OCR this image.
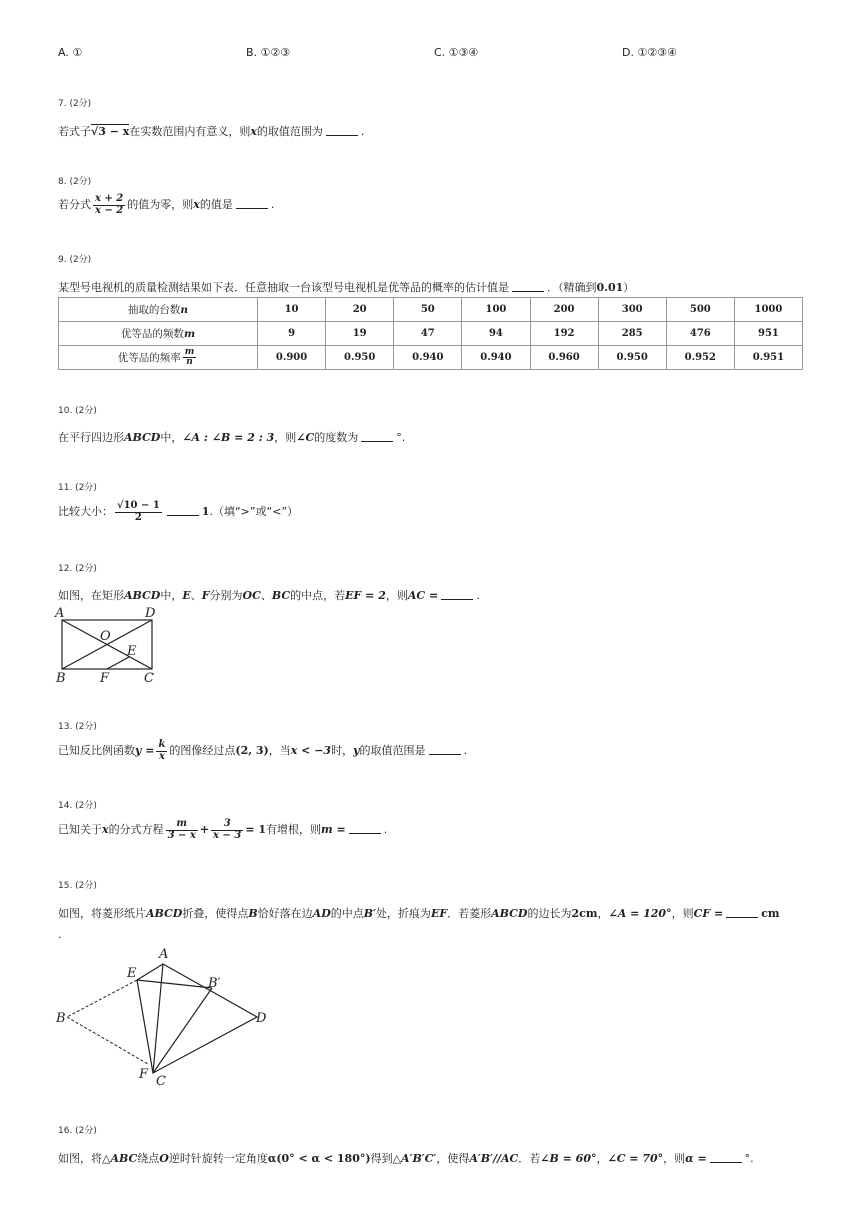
A. ①	B. ①②③	C. ①③④	D. ①②③④
7. (2分)
若式子√3 − x在实数范围内有意义，则x的取值范围为	.
8. (2分)
若分式 $\frac{x + 2}{x - 2}$ 的值为零，则x的值是	.
9. (2分)
某型号电视机的质量检测结果如下表．任意抽取一台该型号电视机是优等品的概率的估计值是	．（精确到0.01）
抽取的台数n	10	20	50	100	200	300	500	1000
优等品的频数m	9	19	47	94	192	285	476	951
优等品的频率 $\frac{m}{n}$	0.900	0.950	0.940	0.940	0.960	0.950	0.952	0.951
10. (2分)
在平行四边形ABCD中，∠A : ∠B = 2 : 3，则∠C的度数为	°.
11. (2分)
比较大小： $\frac{√10 - 1}{2}$	1.（填“>”或“<”）
12. (2分)
如图，在矩形ABCD中，E、F分别为OC、BC的中点，若EF = 2，则AC =	.
A	D
O
E
B	F	C
13. (2分)
已知反比例函数$y = \frac{k}{x}$ 的图像经过点(2, 3)，当x < −3时，y的取值范围是	.
14. (2分)
已知关于x的分式方程 $\frac{m}{3 - x} + \frac{3}{x - 3} = 1$有增根，则m =	.
15. (2分)
如图，将菱形纸片ABCD折叠，使得点B恰好落在边AD的中点B′处，折痕为EF．若菱形ABCD的边长为2cm，∠A = 120°，则CF =	cm
.
A
E
B′
B	D
F C
16. (2分)
如图，将△ABC绕点O逆时针旋转一定角度α(0° < α < 180°)得到△A′B′C′，使得A′B′//AC．若∠B = 60°，∠C = 70°，则α =	°.
